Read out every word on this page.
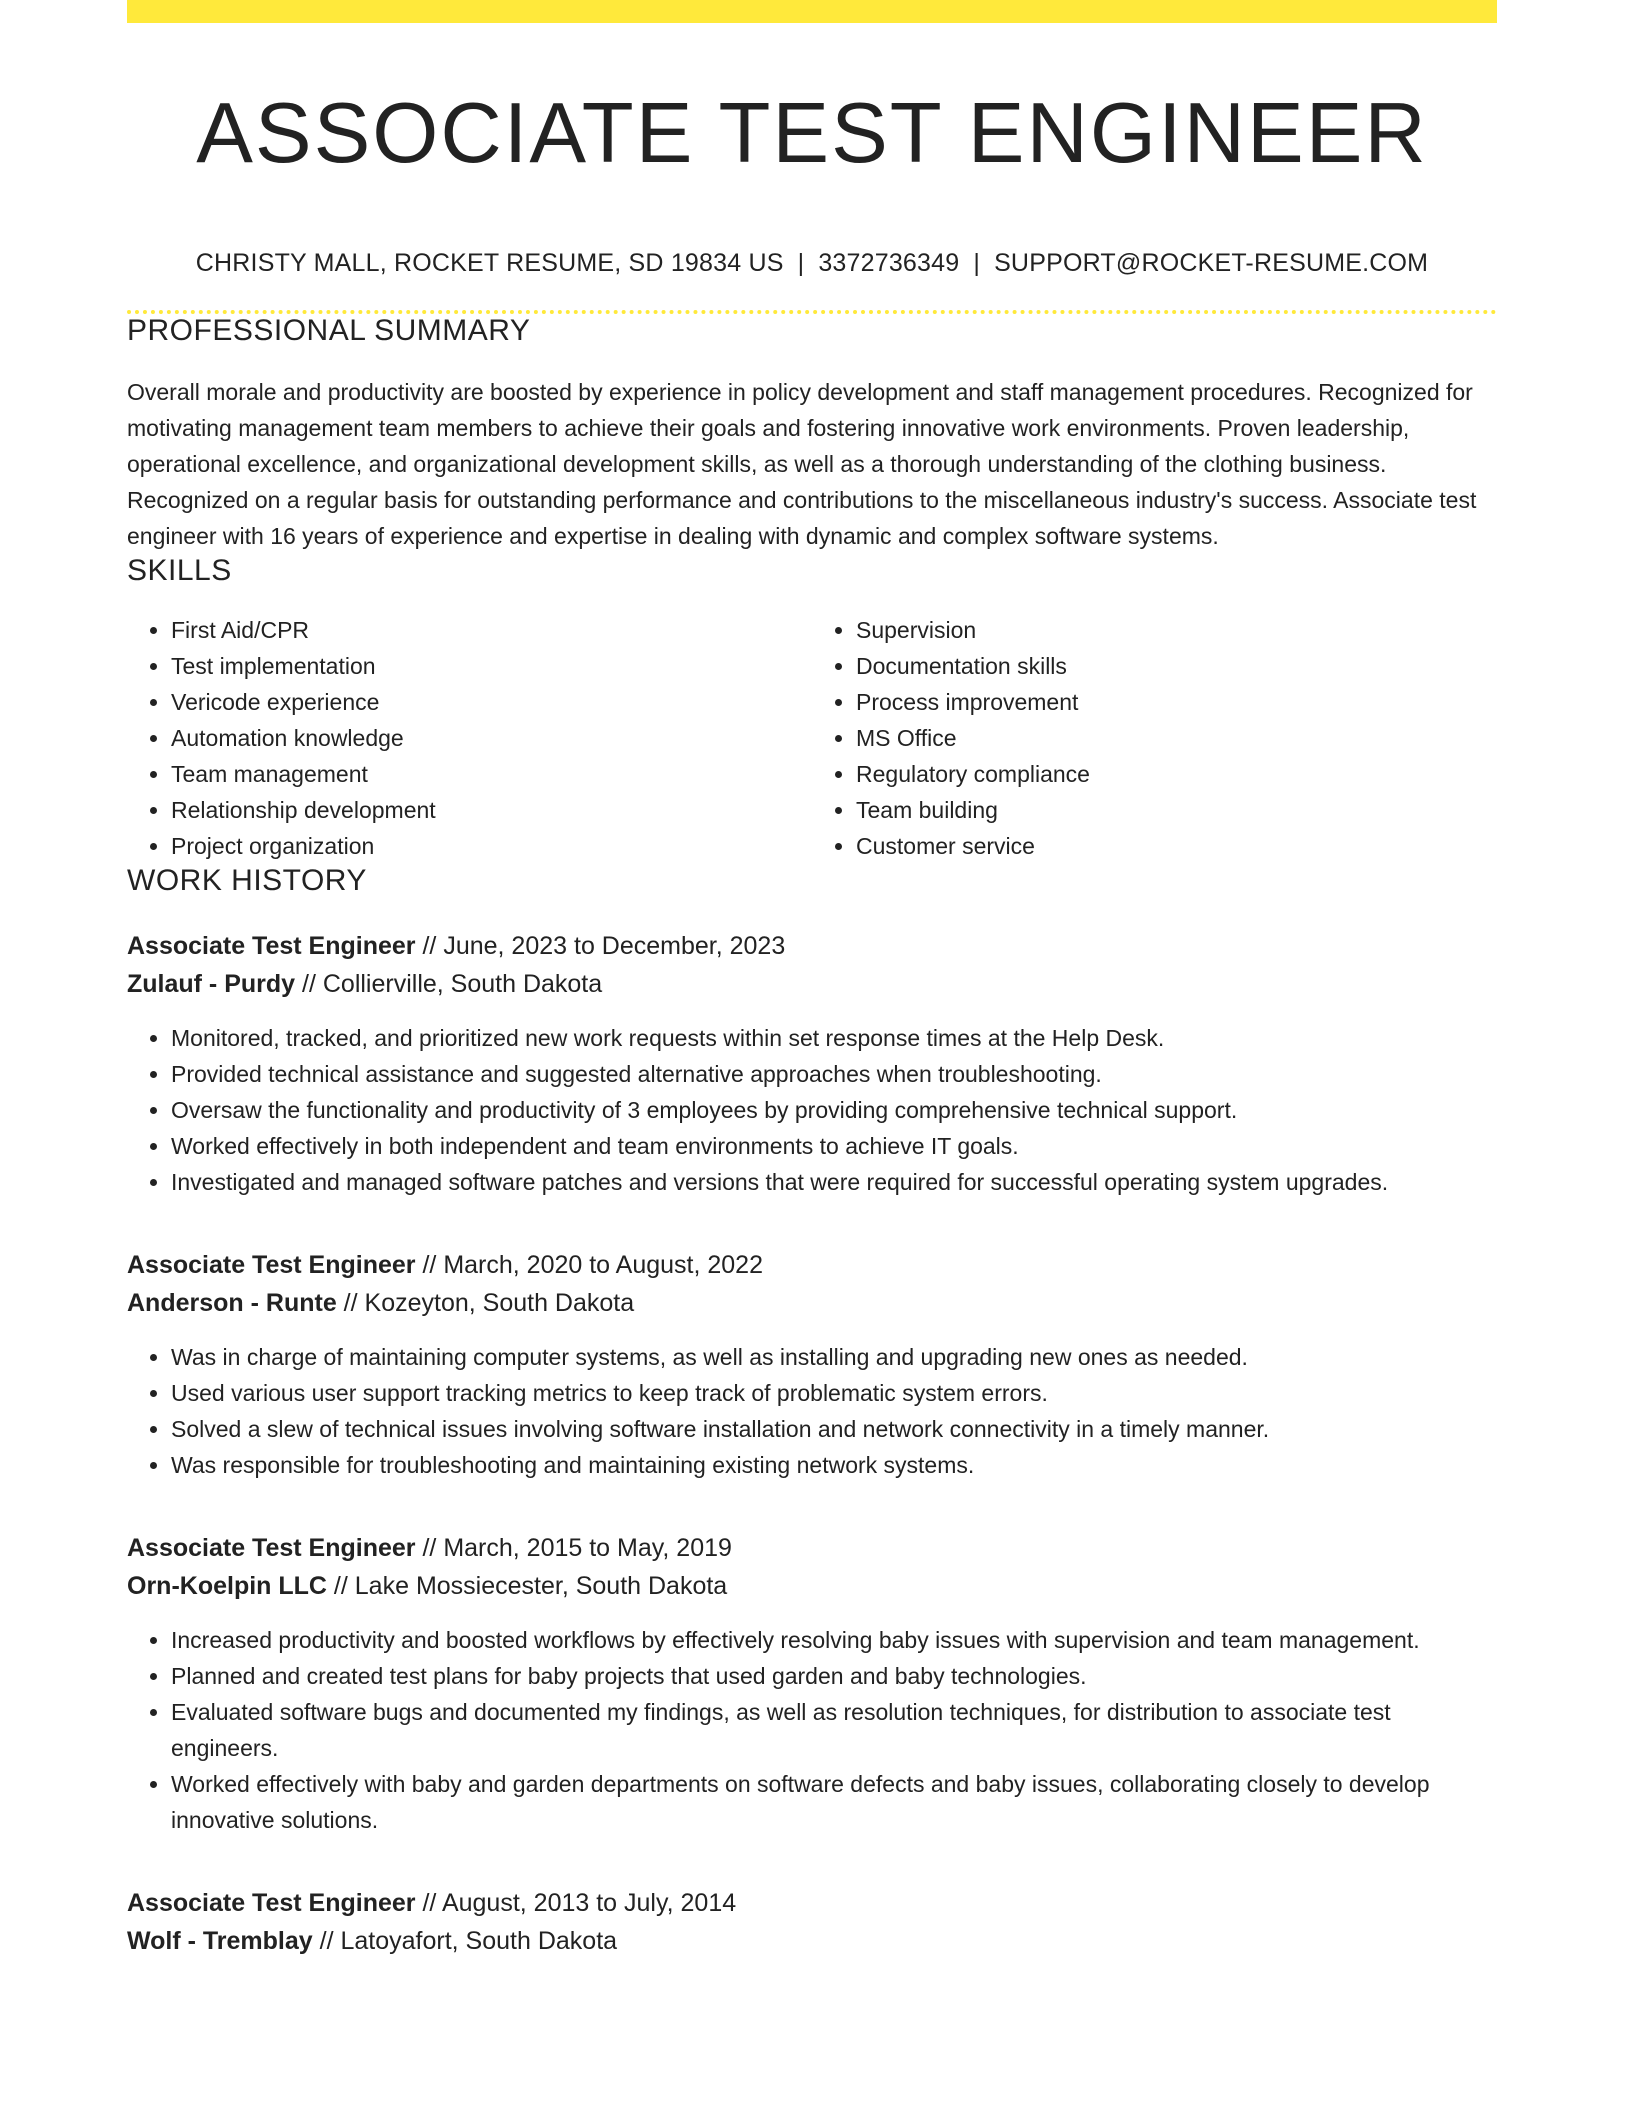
ASSOCIATE TEST ENGINEER
CHRISTY MALL, ROCKET RESUME, SD 19834 US | 3372736349 | SUPPORT@ROCKET-RESUME.COM
PROFESSIONAL SUMMARY

Overall morale and productivity are boosted by experience in policy development and staff management procedures. Recognized for motivating management team members to achieve their goals and fostering innovative work environments. Proven leadership, operational excellence, and organizational development skills, as well as a thorough understanding of the clothing business. Recognized on a regular basis for outstanding performance and contributions to the miscellaneous industry's success. Associate test engineer with 16 years of experience and expertise in dealing with dynamic and complex software systems.

SKILLS
• First Aid/CPR
• Test implementation
• Vericode experience
• Automation knowledge
• Team management
• Relationship development
• Project organization
• Supervision
• Documentation skills
• Process improvement
• MS Office
• Regulatory compliance
• Team building
• Customer service
WORK HISTORY
Associate Test Engineer // June, 2023 to December, 2023
Zulauf - Purdy // Collierville, South Dakota
• Monitored, tracked, and prioritized new work requests within set response times at the Help Desk.
• Provided technical assistance and suggested alternative approaches when troubleshooting.
• Oversaw the functionality and productivity of 3 employees by providing comprehensive technical support.
• Worked effectively in both independent and team environments to achieve IT goals.
• Investigated and managed software patches and versions that were required for successful operating system upgrades.
Associate Test Engineer // March, 2020 to August, 2022
Anderson - Runte // Kozeyton, South Dakota
• Was in charge of maintaining computer systems, as well as installing and upgrading new ones as needed.
• Used various user support tracking metrics to keep track of problematic system errors.
• Solved a slew of technical issues involving software installation and network connectivity in a timely manner.
• Was responsible for troubleshooting and maintaining existing network systems.
Associate Test Engineer // March, 2015 to May, 2019
Orn-Koelpin LLC // Lake Mossiecester, South Dakota
• Increased productivity and boosted workflows by effectively resolving baby issues with supervision and team management.
• Planned and created test plans for baby projects that used garden and baby technologies.
• Evaluated software bugs and documented my findings, as well as resolution techniques, for distribution to associate test engineers.
• Worked effectively with baby and garden departments on software defects and baby issues, collaborating closely to develop innovative solutions.
Associate Test Engineer // August, 2013 to July, 2014
Wolf - Tremblay // Latoyafort, South Dakota
